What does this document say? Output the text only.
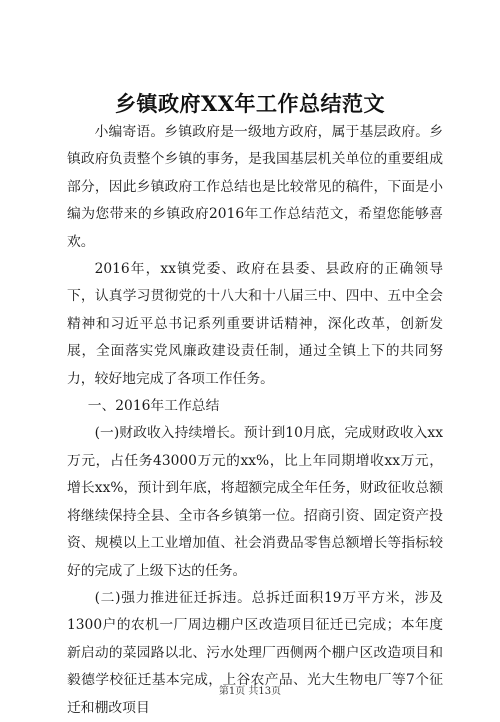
乡镇政府XX年工作总结范文

小编寄语。乡镇政府是一级地方政府，属于基层政府。乡镇政府负责整个乡镇的事务，是我国基层机关单位的重要组成部分，因此乡镇政府工作总结也是比较常见的稿件，下面是小编为您带来的乡镇政府2016年工作总结范文，希望您能够喜欢。

2016年，xx镇党委、政府在县委、县政府的正确领导下，认真学习贯彻党的十八大和十八届三中、四中、五中全会精神和习近平总书记系列重要讲话精神，深化改革，创新发展，全面落实党风廉政建设责任制，通过全镇上下的共同努力，较好地完成了各项工作任务。

一、2016年工作总结

(一)财政收入持续增长。预计到10月底，完成财政收入xx万元，占任务43000万元的xx%，比上年同期增收xx万元，增长xx%，预计到年底，将超额完成全年任务，财政征收总额将继续保持全县、全市各乡镇第一位。招商引资、固定资产投资、规模以上工业增加值、社会消费品零售总额增长等指标较好的完成了上级下达的任务。

(二)强力推进征迁拆违。总拆迁面积19万平方米，涉及1300户的农机一厂周边棚户区改造项目征迁已完成；本年度新启动的菜园路以北、污水处理厂西侧两个棚户区改造项目和毅德学校征迁基本完成，上谷农产品、光大生物电厂等7个征迁和棚改项目

第1页 共13页
